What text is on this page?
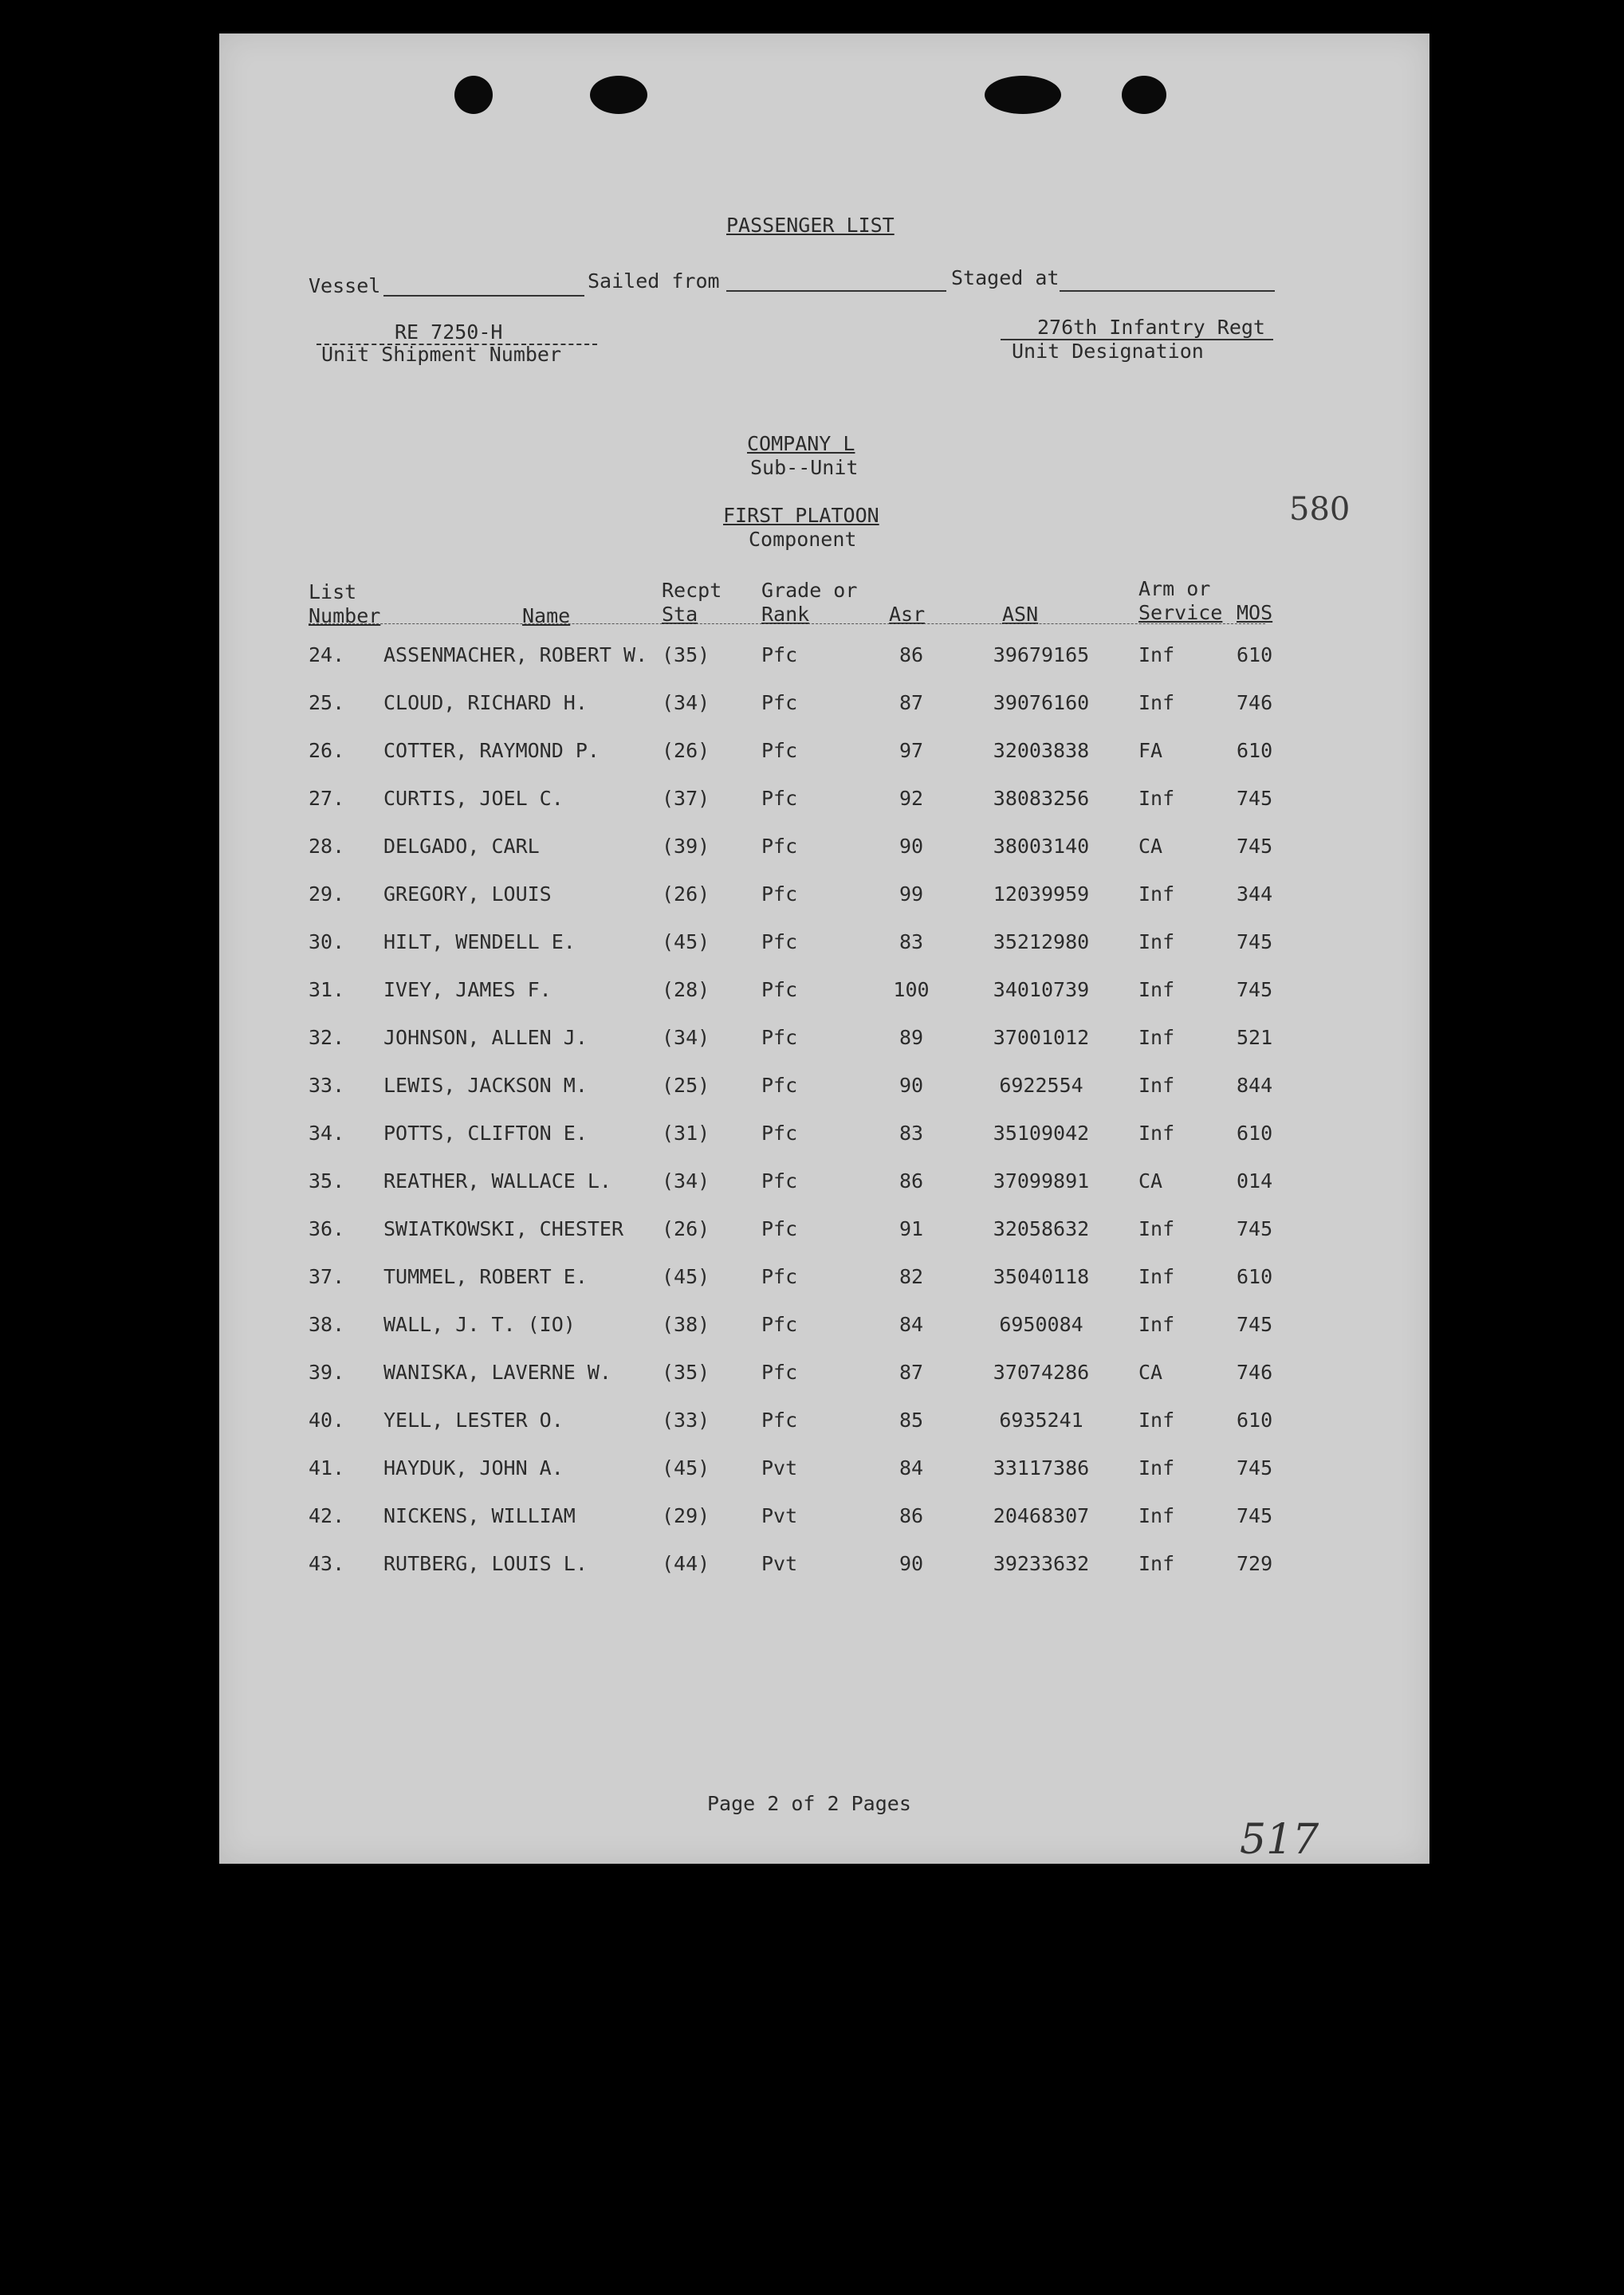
PASSENGER LIST
Vessel	Sailed from	Staged at
RE 7250-H
Unit Shipment Number
276th Infantry Regt
Unit Designation
COMPANY L
Sub--Unit
FIRST PLATOON
Component
580
List
Number	Name
Recpt
Sta
Grade or
Rank	Asr	ASN
Arm or
Service MOS
24. ASSENMACHER, ROBERT W. (35)	Pfc	86	39679165	Inf	610
25. CLOUD, RICHARD H.	(34)	Pfc	87	39076160	Inf	746
26. COTTER, RAYMOND P.	(26)	Pfc	97	32003838	FA	610
27. CURTIS, JOEL C.	(37)	Pfc	92	38083256	Inf	745
28. DELGADO, CARL	(39)	Pfc	90	38003140	CA	745
29. GREGORY, LOUIS	(26)	Pfc	99	12039959	Inf	344
30. HILT, WENDELL E.	(45)	Pfc	83	35212980	Inf	745
31. IVEY, JAMES F.	(28)	Pfc	100	34010739	Inf	745
32. JOHNSON, ALLEN J.	(34)	Pfc	89	37001012	Inf	521
33. LEWIS, JACKSON M.	(25)	Pfc	90	6922554	Inf	844
34. POTTS, CLIFTON E.	(31)	Pfc	83	35109042	Inf	610
35. REATHER, WALLACE L.	(34)	Pfc	86	37099891	CA	014
36. SWIATKOWSKI, CHESTER (26)	Pfc	91	32058632	Inf	745
37. TUMMEL, ROBERT E.	(45)	Pfc	82	35040118	Inf	610
38. WALL, J. T. (IO)	(38)	Pfc	84	6950084	Inf	745
39. WANISKA, LAVERNE W.	(35)	Pfc	87	37074286	CA	746
40. YELL, LESTER O.	(33)	Pfc	85	6935241	Inf	610
41. HAYDUK, JOHN A.	(45)	Pvt	84	33117386	Inf	745
42. NICKENS, WILLIAM	(29)	Pvt	86	20468307	Inf	745
43. RUTBERG, LOUIS L.	(44)	Pvt	90	39233632	Inf	729
Page 2 of 2 Pages
517
